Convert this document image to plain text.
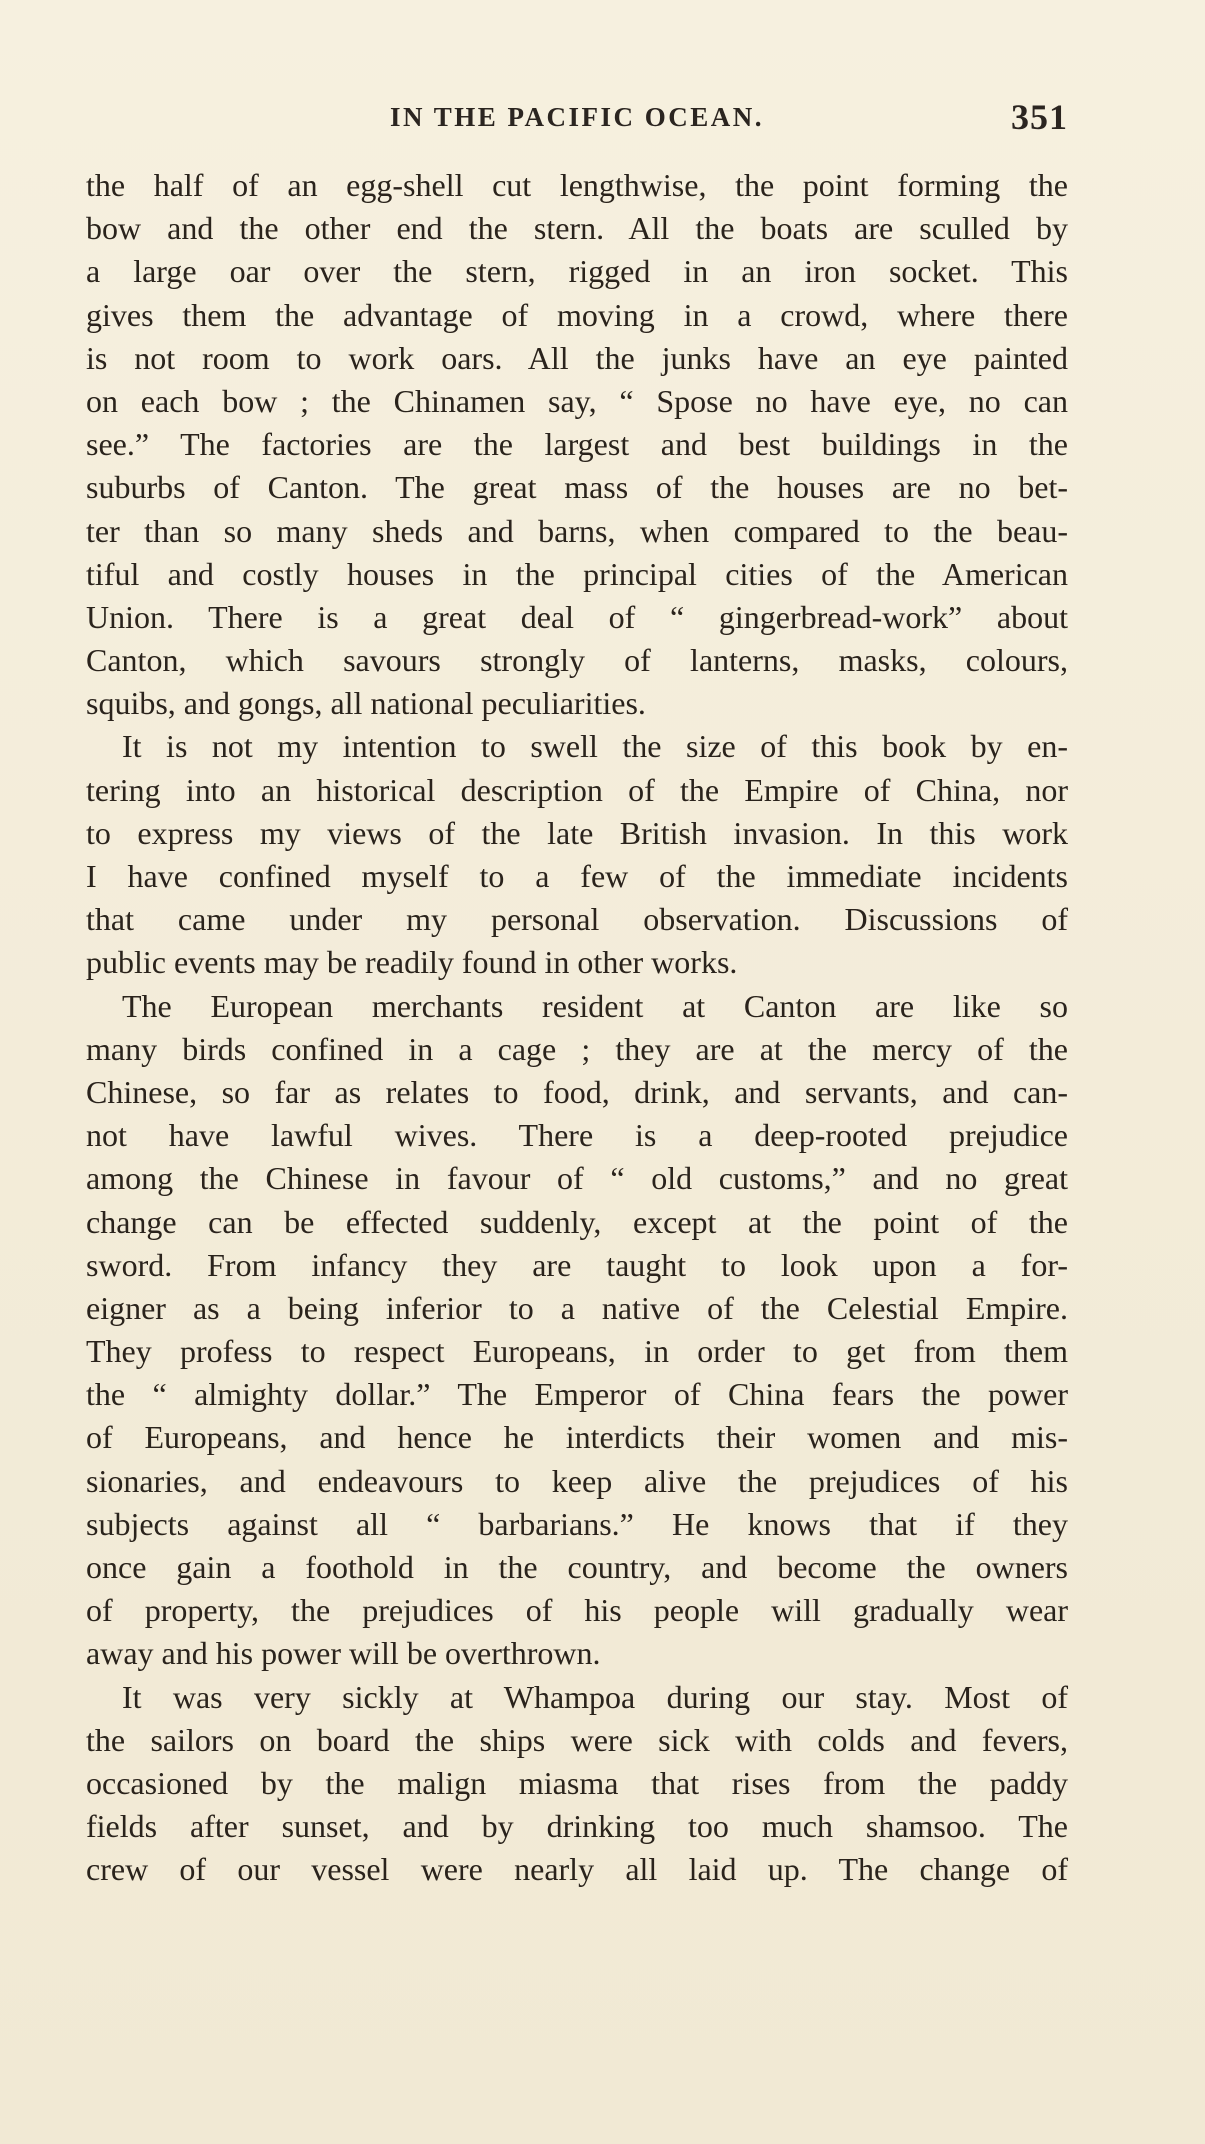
IN THE PACIFIC OCEAN.	351
the half of an egg-shell cut lengthwise, the point forming the
bow and the other end the stern. All the boats are sculled by
a large oar over the stern, rigged in an iron socket. This
gives them the advantage of moving in a crowd, where there
is not room to work oars. All the junks have an eye painted
on each bow ; the Chinamen say, “ Spose no have eye, no can
see.” The factories are the largest and best buildings in the
suburbs of Canton. The great mass of the houses are no bet-
ter than so many sheds and barns, when compared to the beau-
tiful and costly houses in the principal cities of the American
Union. There is a great deal of “ gingerbread-work” about
Canton, which savours strongly of lanterns, masks, colours,
squibs, and gongs, all national peculiarities.
It is not my intention to swell the size of this book by en-
tering into an historical description of the Empire of China, nor
to express my views of the late British invasion. In this work
I have confined myself to a few of the immediate incidents
that came under my personal observation. Discussions of
public events may be readily found in other works.
The European merchants resident at Canton are like so
many birds confined in a cage ; they are at the mercy of the
Chinese, so far as relates to food, drink, and servants, and can-
not have lawful wives. There is a deep-rooted prejudice
among the Chinese in favour of “ old customs,” and no great
change can be effected suddenly, except at the point of the
sword. From infancy they are taught to look upon a for-
eigner as a being inferior to a native of the Celestial Empire.
They profess to respect Europeans, in order to get from them
the “ almighty dollar.” The Emperor of China fears the power
of Europeans, and hence he interdicts their women and mis-
sionaries, and endeavours to keep alive the prejudices of his
subjects against all “ barbarians.” He knows that if they
once gain a foothold in the country, and become the owners
of property, the prejudices of his people will gradually wear
away and his power will be overthrown.
It was very sickly at Whampoa during our stay. Most of
the sailors on board the ships were sick with colds and fevers,
occasioned by the malign miasma that rises from the paddy
fields after sunset, and by drinking too much shamsoo. The
crew of our vessel were nearly all laid up. The change of
